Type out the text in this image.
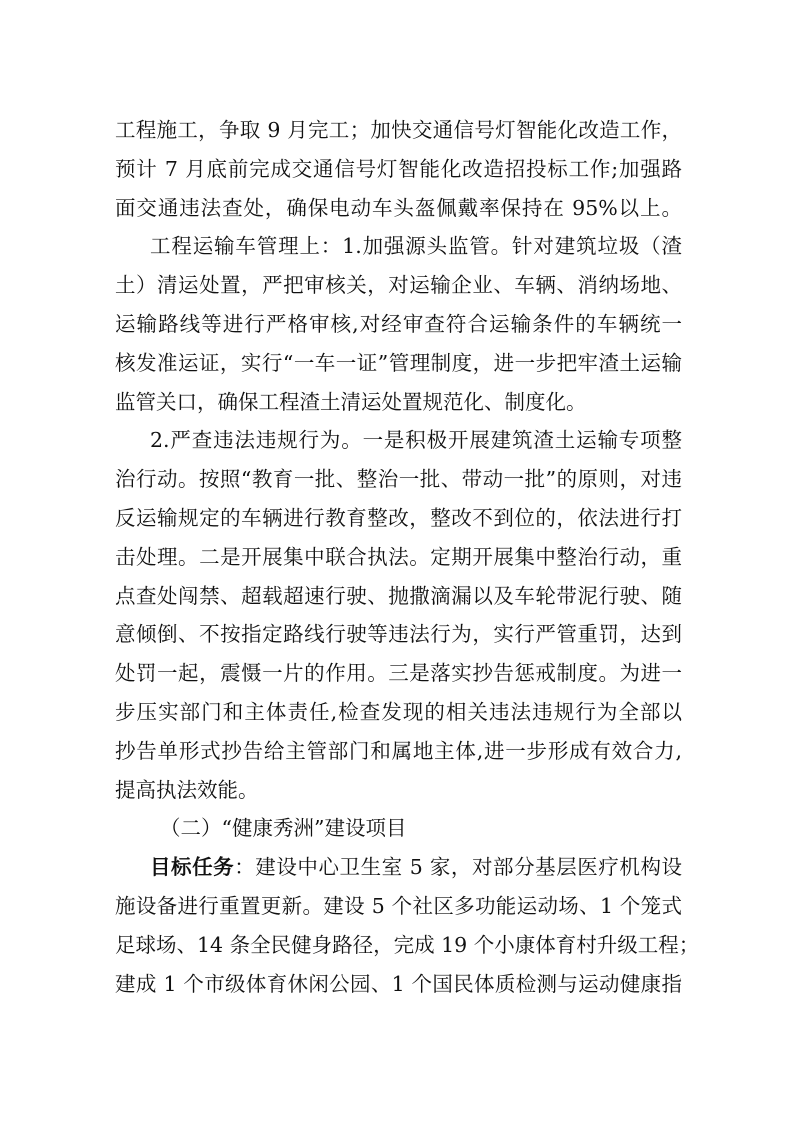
工程施工，争取 9 月完工；加快交通信号灯智能化改造工作，
预计 7 月底前完成交通信号灯智能化改造招投标工作;加强路
面交通违法查处，确保电动车头盔佩戴率保持在 95%以上。
工程运输车管理上：1.加强源头监管。针对建筑垃圾（渣
土）清运处置，严把审核关，对运输企业、车辆、消纳场地、
运输路线等进行严格审核,对经审查符合运输条件的车辆统一
核发准运证，实行“一车一证”管理制度，进一步把牢渣土运输
监管关口，确保工程渣土清运处置规范化、制度化。
2.严查违法违规行为。一是积极开展建筑渣土运输专项整
治行动。按照“教育一批、整治一批、带动一批”的原则，对违
反运输规定的车辆进行教育整改，整改不到位的，依法进行打
击处理。二是开展集中联合执法。定期开展集中整治行动，重
点查处闯禁、超载超速行驶、抛撒滴漏以及车轮带泥行驶、随
意倾倒、不按指定路线行驶等违法行为，实行严管重罚，达到
处罚一起，震慑一片的作用。三是落实抄告惩戒制度。为进一
步压实部门和主体责任,检查发现的相关违法违规行为全部以
抄告单形式抄告给主管部门和属地主体,进一步形成有效合力,
提高执法效能。
（二）“健康秀洲”建设项目
目标任务：建设中心卫生室 5 家，对部分基层医疗机构设
施设备进行重置更新。建设 5 个社区多功能运动场、1 个笼式
足球场、14 条全民健身路径，完成 19 个小康体育村升级工程；
建成 1 个市级体育休闲公园、1 个国民体质检测与运动健康指
